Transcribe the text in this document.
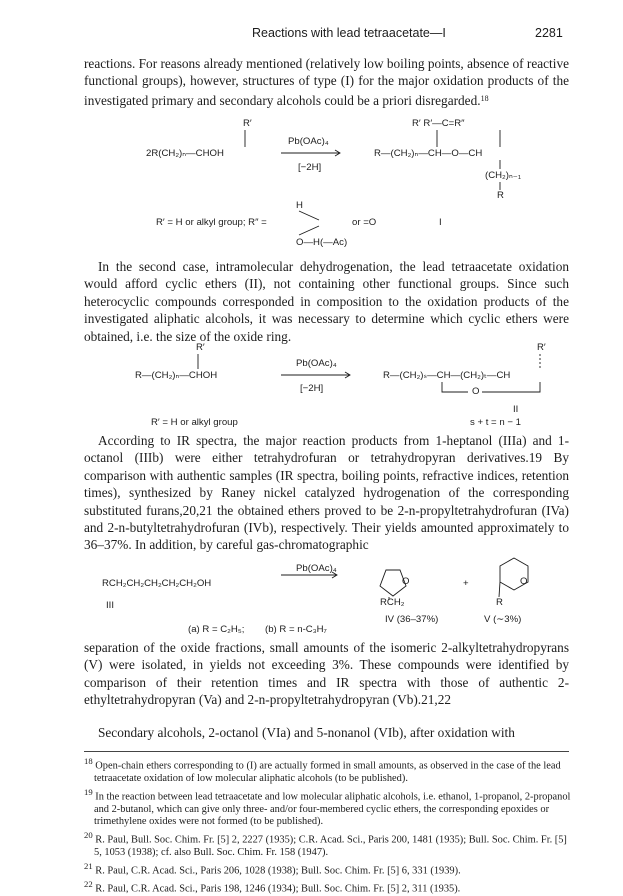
Reactions with lead tetraacetate—I	2281

reactions. For reasons already mentioned (relatively low boiling points, absence of reactive functional groups), however, structures of type (I) for the major oxidation products of the investigated primary and secondary alcohols could be a priori disregarded.$^{18}$

R′
2R(CH₂)ₙ—CHOH
Pb(OAc)₄
[−2H]
R′ R′—C=R″
R—(CH₂)ₙ—CH—O—CH
(CH₂)ₙ₋₁
R
R′ = H or alkyl group; R″ =
H
O—H(—Ac)
or =O	I

In the second case, intramolecular dehydrogenation, the lead tetraacetate oxidation would afford cyclic ethers (II), not containing other functional groups. Since such heterocyclic compounds corresponded in composition to the oxidation products of the investigated aliphatic alcohols, it was necessary to determine which cyclic ethers were obtained, i.e. the size of the oxide ring.

R′
R—(CH₂)ₙ—CHOH
Pb(OAc)₄
[−2H]
R′
R—(CH₂)ₛ—CH—(CH₂)ₜ—CH
O
II
R′ = H or alkyl group	s + t = n − 1

According to IR spectra, the major reaction products from 1-heptanol (IIIa) and 1-octanol (IIIb) were either tetrahydrofuran or tetrahydropyran derivatives.19 By comparison with authentic samples (IR spectra, boiling points, refractive indices, retention times), synthesized by Raney nickel catalyzed hydrogenation of the corresponding substituted furans,20,21 the obtained ethers proved to be 2-n-propyltetrahydrofuran (IVa) and 2-n-butyltetrahydrofuran (IVb), respectively. Their yields amounted approximately to 36–37%. In addition, by careful gas-chromatographic

RCH₂CH₂CH₂CH₂CH₂OH
Pb(OAc)₄
O
RCH₂
+	O
R
III
IV (36–37%)	V (∼3%)
(a) R = C₂H₅; (b) R = n-C₃H₇

separation of the oxide fractions, small amounts of the isomeric 2-alkyltetrahydropyrans (V) were isolated, in yields not exceeding 3%. These compounds were identified by comparison of their retention times and IR spectra with those of authentic 2-ethyltetrahydropyran (Va) and 2-n-propyltetrahydropyran (Vb).21,22

Secondary alcohols, 2-octanol (VIa) and 5-nonanol (VIb), after oxidation with

$^{18}$ Open-chain ethers corresponding to (I) are actually formed in small amounts, as observed in the case of the lead tetraacetate oxidation of low molecular aliphatic alcohols (to be published).
$^{19}$ In the reaction between lead tetraacetate and low molecular aliphatic alcohols, i.e. ethanol, 1-propanol, 2-propanol and 2-butanol, which can give only three- and/or four-membered cyclic ethers, the corresponding epoxides or trimethylene oxides were not formed (to be published).
$^{20}$ R. Paul, Bull. Soc. Chim. Fr. [5] 2, 2227 (1935); C.R. Acad. Sci., Paris 200, 1481 (1935); Bull. Soc. Chim. Fr. [5] 5, 1053 (1938); cf. also Bull. Soc. Chim. Fr. 158 (1947).
$^{21}$ R. Paul, C.R. Acad. Sci., Paris 206, 1028 (1938); Bull. Soc. Chim. Fr. [5] 6, 331 (1939).
$^{22}$ R. Paul, C.R. Acad. Sci., Paris 198, 1246 (1934); Bull. Soc. Chim. Fr. [5] 2, 311 (1935).
